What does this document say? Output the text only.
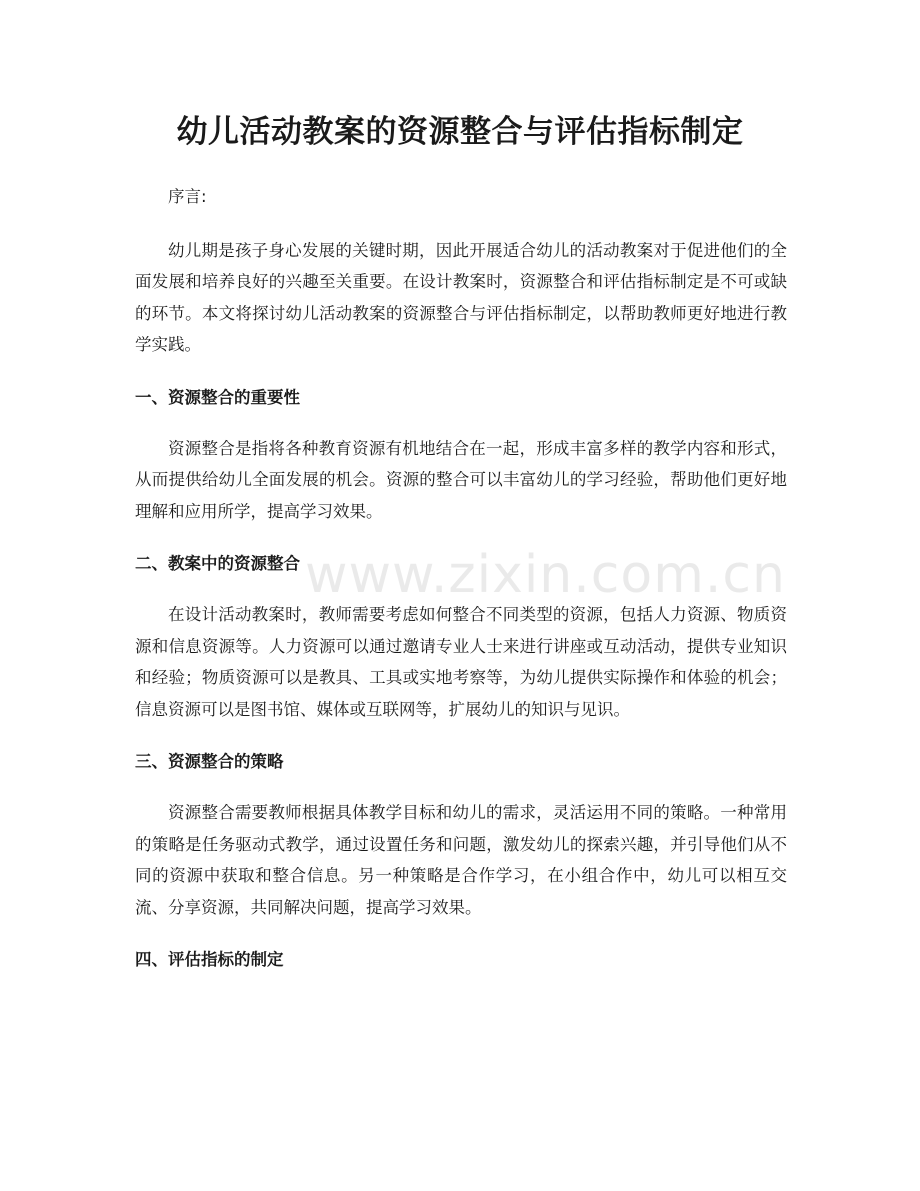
幼儿活动教案的资源整合与评估指标制定

序言:

幼儿期是孩子身心发展的关键时期，因此开展适合幼儿的活动教案对于促进他们的全面发展和培养良好的兴趣至关重要。在设计教案时，资源整合和评估指标制定是不可或缺的环节。本文将探讨幼儿活动教案的资源整合与评估指标制定，以帮助教师更好地进行教学实践。

一、资源整合的重要性

资源整合是指将各种教育资源有机地结合在一起，形成丰富多样的教学内容和形式，从而提供给幼儿全面发展的机会。资源的整合可以丰富幼儿的学习经验，帮助他们更好地理解和应用所学，提高学习效果。

二、教案中的资源整合

在设计活动教案时，教师需要考虑如何整合不同类型的资源，包括人力资源、物质资源和信息资源等。人力资源可以通过邀请专业人士来进行讲座或互动活动，提供专业知识和经验；物质资源可以是教具、工具或实地考察等，为幼儿提供实际操作和体验的机会；信息资源可以是图书馆、媒体或互联网等，扩展幼儿的知识与见识。

三、资源整合的策略

资源整合需要教师根据具体教学目标和幼儿的需求，灵活运用不同的策略。一种常用的策略是任务驱动式教学，通过设置任务和问题，激发幼儿的探索兴趣，并引导他们从不同的资源中获取和整合信息。另一种策略是合作学习，在小组合作中，幼儿可以相互交流、分享资源，共同解决问题，提高学习效果。

四、评估指标的制定
www.zixin.com.cn
